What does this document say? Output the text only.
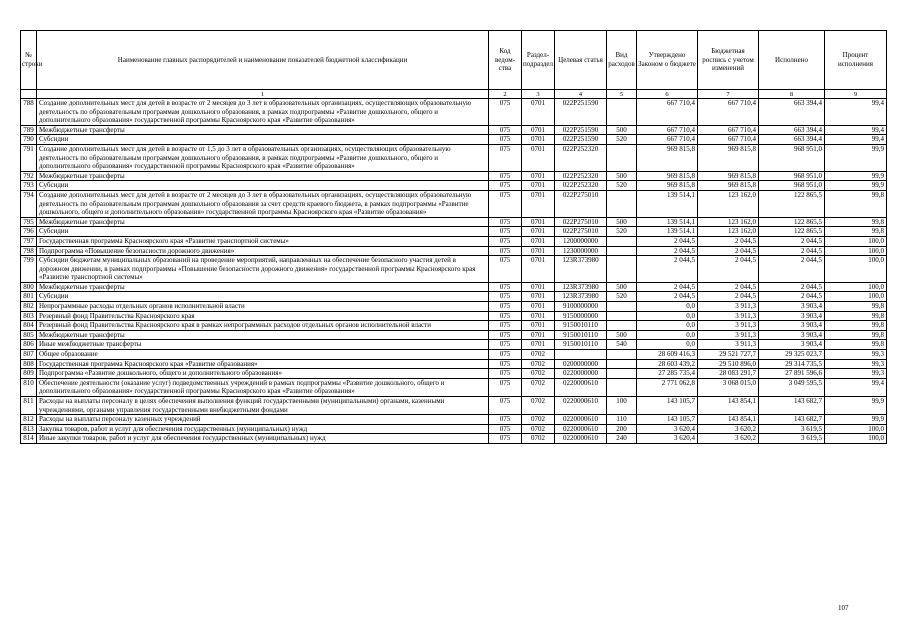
№ строки	Наименование главных распорядителей и наименование показателей бюджетной классификации	Код ведом-ства	Раздел-подраздел	Целевая статья	Вид расходов	Утверждено Законом о бюджете	Бюджетная роспись с учетом изменений	Исполнено	Процент исполнения
	1	2	3	4	5	6	7	8	9
788	Создание дополнительных мест для детей в возрасте от 2 месяцев до 3 лет в образовательных организациях, осуществляющих образовательную деятельность по образовательным программам дошкольного образования, в рамках подпрограммы «Развитие дошкольного, общего и дополнительного образования» государственной программы Красноярского края «Развитие образования»	075	0701	022Р251590		667 710,4	667 710,4	663 394,4	99,4
789	Межбюджетные трансферты	075	0701	022Р251590	500	667 710,4	667 710,4	663 394,4	99,4
790	Субсидии	075	0701	022Р251590	520	667 710,4	667 710,4	663 394,4	99,4
791	Создание дополнительных мест для детей в возрасте от 1,5 до 3 лет в образовательных организациях, осуществляющих образовательную деятельность по образовательным программам дошкольного образования, в рамках подпрограммы «Развитие дошкольного, общего и дополнительного образования» государственной программы Красноярского края «Развитие образования»	075	0701	022Р252320		969 815,8	969 815,8	968 951,0	99,9
792	Межбюджетные трансферты	075	0701	022Р252320	500	969 815,8	969 815,8	968 951,0	99,9
793	Субсидии	075	0701	022Р252320	520	969 815,8	969 815,8	968 951,0	99,9
794	Создание дополнительных мест для детей в возрасте от 2 месяцев до 3 лет в образовательных организациях, осуществляющих образовательную деятельность по образовательным программам дошкольного образования за счет средств краевого бюджета, в рамках подпрограммы «Развитие дошкольного, общего и дополнительного образования» государственной программы Красноярского края «Развитие образования»	075	0701	022Р275010		139 514,1	123 162,0	122 865,5	99,8
795	Межбюджетные трансферты	075	0701	022Р275010	500	139 514,1	123 162,0	122 865,5	99,8
796	Субсидии	075	0701	022Р275010	520	139 514,1	123 162,0	122 865,5	99,8
797	Государственная программа Красноярского края «Развитие транспортной системы»	075	0701	1200000000		2 044,5	2 044,5	2 044,5	100,0
798	Подпрограмма «Повышение безопасности дорожного движения»	075	0701	1230000000		2 044,5	2 044,5	2 044,5	100,0
799	Субсидии бюджетам муниципальных образований на проведение мероприятий, направленных на обеспечение безопасного участия детей в дорожном движении, в рамках подпрограммы «Повышение безопасности дорожного движения» государственной программы Красноярского края «Развитие транспортной системы»	075	0701	123R373980		2 044,5	2 044,5	2 044,5	100,0
800	Межбюджетные трансферты	075	0701	123R373980	500	2 044,5	2 044,5	2 044,5	100,0
801	Субсидии	075	0701	123R373980	520	2 044,5	2 044,5	2 044,5	100,0
802	Непрограммные расходы отдельных органов исполнительной власти	075	0701	9100000000		0,0	3 911,3	3 903,4	99,8
803	Резервный фонд Правительства Красноярского края	075	0701	9150000000		0,0	3 911,3	3 903,4	99,8
804	Резервный фонд Правительства Красноярского края в рамках непрограммных расходов отдельных органов исполнительной власти	075	0701	9150010110		0,0	3 911,3	3 903,4	99,8
805	Межбюджетные трансферты	075	0701	9150010110	500	0,0	3 911,3	3 903,4	99,8
806	Иные межбюджетные трансферты	075	0701	9150010110	540	0,0	3 911,3	3 903,4	99,8
807	Общее образование	075	0702			28 609 416,3	29 521 727,7	29 325 023,7	99,3
808	Государственная программа Красноярского края «Развитие образования»	075	0702	0200000000		28 603 439,2	29 510 896,0	29 314 735,5	99,3
809	Подпрограмма «Развитие дошкольного, общего и дополнительного образования»	075	0702	0220000000		27 285 735,4	28 083 291,7	27 891 596,6	99,3
810	Обеспечение деятельности (оказание услуг) подведомственных учреждений в рамках подпрограммы «Развитие дошкольного, общего и дополнительного образования» государственной программы Красноярского края «Развитие образования»	075	0702	0220000610		2 771 062,8	3 068 015,0	3 049 595,5	99,4
811	Расходы на выплаты персоналу в целях обеспечения выполнения функций государственными (муниципальными) органами, казенными учреждениями, органами управления государственными внебюджетными фондами	075	0702	0220000610	100	143 105,7	143 854,1	143 682,7	99,9
812	Расходы на выплаты персоналу казенных учреждений	075	0702	0220000610	110	143 105,7	143 854,1	143 682,7	99,9
813	Закупка товаров, работ и услуг для обеспечения государственных (муниципальных) нужд	075	0702	0220000610	200	3 620,4	3 620,2	3 619,5	100,0
814	Иные закупки товаров, работ и услуг для обеспечения государственных (муниципальных) нужд	075	0702	0220000610	240	3 620,4	3 620,2	3 619,5	100,0
107
